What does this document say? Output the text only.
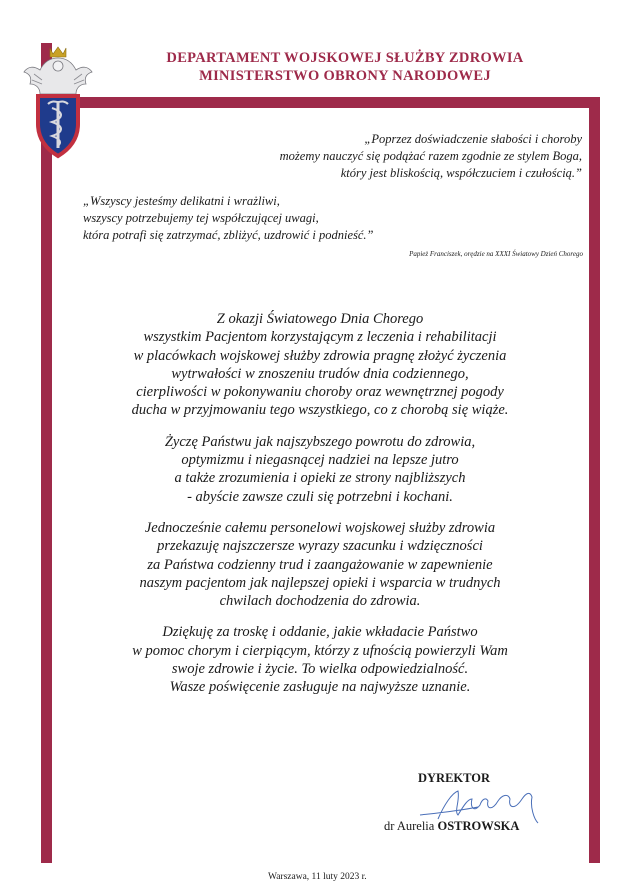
DEPARTAMENT WOJSKOWEJ SŁUŻBY ZDROWIA
MINISTERSTWO OBRONY NARODOWEJ
„Poprzez doświadczenie słabości i choroby
możemy nauczyć się podążać razem zgodnie ze stylem Boga,
który jest bliskością, współczuciem i czułością.”
„Wszyscy jesteśmy delikatni i wrażliwi,
wszyscy potrzebujemy tej współczującej uwagi,
która potrafi się zatrzymać, zbliżyć, uzdrowić i podnieść.”
Papież Franciszek, orędzie na XXXI Światowy Dzień Chorego

Z okazji Światowego Dnia Chorego
wszystkim Pacjentom korzystającym z leczenia i rehabilitacji
w placówkach wojskowej służby zdrowia pragnę złożyć życzenia
wytrwałości w znoszeniu trudów dnia codziennego,
cierpliwości w pokonywaniu choroby oraz wewnętrznej pogody
ducha w przyjmowaniu tego wszystkiego, co z chorobą się wiąże.

Życzę Państwu jak najszybszego powrotu do zdrowia,
optymizmu i niegasnącej nadziei na lepsze jutro
a także zrozumienia i opieki ze strony najbliższych
- abyście zawsze czuli się potrzebni i kochani.

Jednocześnie całemu personelowi wojskowej służby zdrowia
przekazuję najszczersze wyrazy szacunku i wdzięczności
za Państwa codzienny trud i zaangażowanie w zapewnienie
naszym pacjentom jak najlepszej opieki i wsparcia w trudnych
chwilach dochodzenia do zdrowia.

Dziękuję za troskę i oddanie, jakie wkładacie Państwo
w pomoc chorym i cierpiącym, którzy z ufnością powierzyli Wam
swoje zdrowie i życie. To wielka odpowiedzialność.
Wasze poświęcenie zasługuje na najwyższe uznanie.

DYREKTOR
dr Aurelia OSTROWSKA
Warszawa, 11 luty 2023 r.
